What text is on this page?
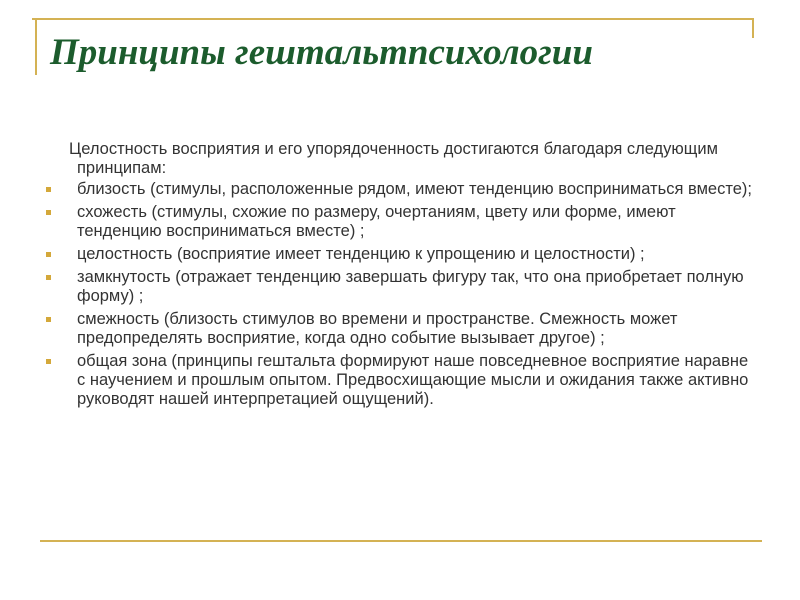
Принципы гештальтпсихологии

Целостность восприятия и его упорядоченность достигаются благодаря следующим принципам:

близость (стимулы, расположенные рядом, имеют тенденцию восприниматься вместе);
схожесть (стимулы, схожие по размеру, очертаниям, цвету или форме, имеют тенденцию восприниматься вместе) ;
целостность (восприятие имеет тенденцию к упрощению и целостности) ;
замкнутость (отражает тенденцию завершать фигуру так, что она приобретает полную форму) ;
смежность (близость стимулов во времени и пространстве. Смежность может предопределять восприятие, когда одно событие вызывает другое) ;
общая зона (принципы гештальта формируют наше повседневное восприятие наравне с научением и прошлым опытом. Предвосхищающие мысли и ожидания также активно руководят нашей интерпретацией ощущений).
